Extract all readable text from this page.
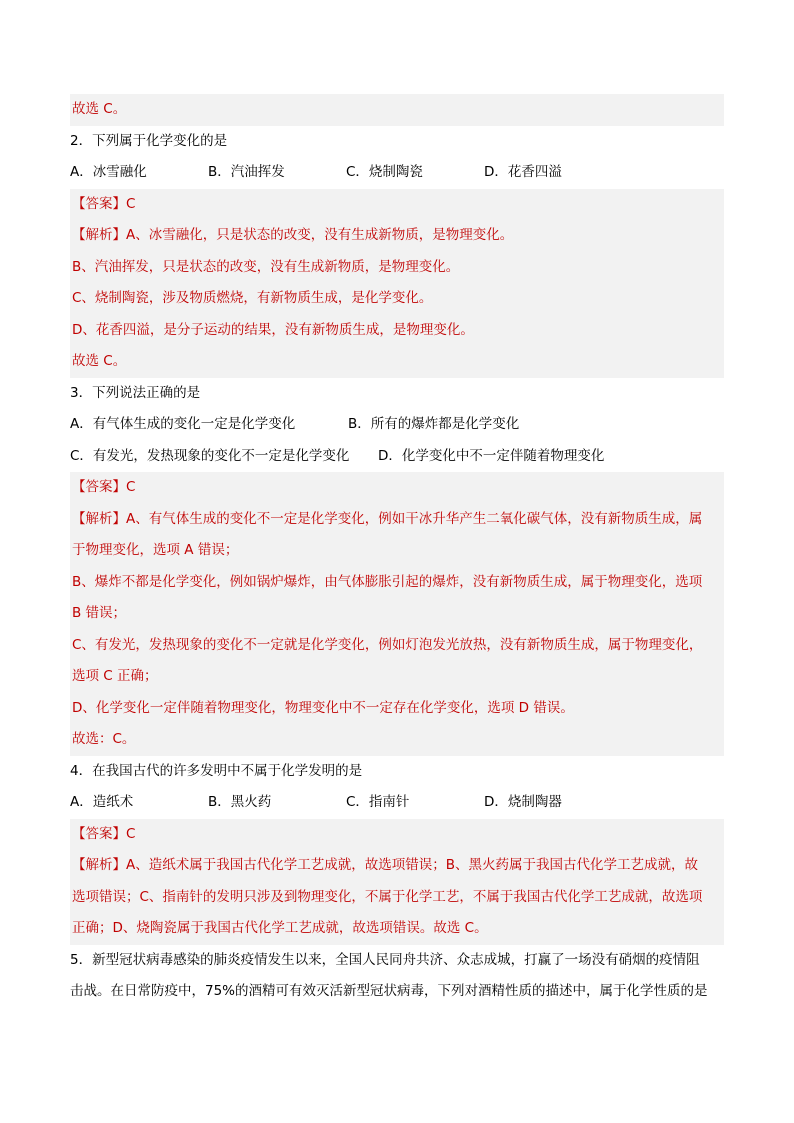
故选 C。
2．下列属于化学变化的是
A．冰雪融化	B．汽油挥发	C．烧制陶瓷	D．花香四溢
【答案】C
【解析】A、冰雪融化，只是状态的改变，没有生成新物质，是物理变化。
B、汽油挥发，只是状态的改变，没有生成新物质，是物理变化。
C、烧制陶瓷，涉及物质燃烧，有新物质生成，是化学变化。
D、花香四溢，是分子运动的结果，没有新物质生成，是物理变化。
故选 C。
3．下列说法正确的是
A．有气体生成的变化一定是化学变化	B．所有的爆炸都是化学变化
C．有发光，发热现象的变化不一定是化学变化	D．化学变化中不一定伴随着物理变化
【答案】C
【解析】A、有气体生成的变化不一定是化学变化，例如干冰升华产生二氧化碳气体，没有新物质生成，属
于物理变化，选项 A 错误；
B、爆炸不都是化学变化，例如锅炉爆炸，由气体膨胀引起的爆炸，没有新物质生成，属于物理变化，选项
B 错误；
C、有发光，发热现象的变化不一定就是化学变化，例如灯泡发光放热，没有新物质生成，属于物理变化，
选项 C 正确；
D、化学变化一定伴随着物理变化，物理变化中不一定存在化学变化，选项 D 错误。
故选：C。
4．在我国古代的许多发明中不属于化学发明的是
A．造纸术	B．黑火药	C．指南针	D．烧制陶器
【答案】C
【解析】A、造纸术属于我国古代化学工艺成就，故选项错误；B、黑火药属于我国古代化学工艺成就，故
选项错误；C、指南针的发明只涉及到物理变化，不属于化学工艺，不属于我国古代化学工艺成就，故选项
正确；D、烧陶瓷属于我国古代化学工艺成就，故选项错误。故选 C。
5．新型冠状病毒感染的肺炎疫情发生以来，全国人民同舟共济、众志成城，打赢了一场没有硝烟的疫情阻
击战。在日常防疫中，75%的酒精可有效灭活新型冠状病毒，下列对酒精性质的描述中，属于化学性质的是
